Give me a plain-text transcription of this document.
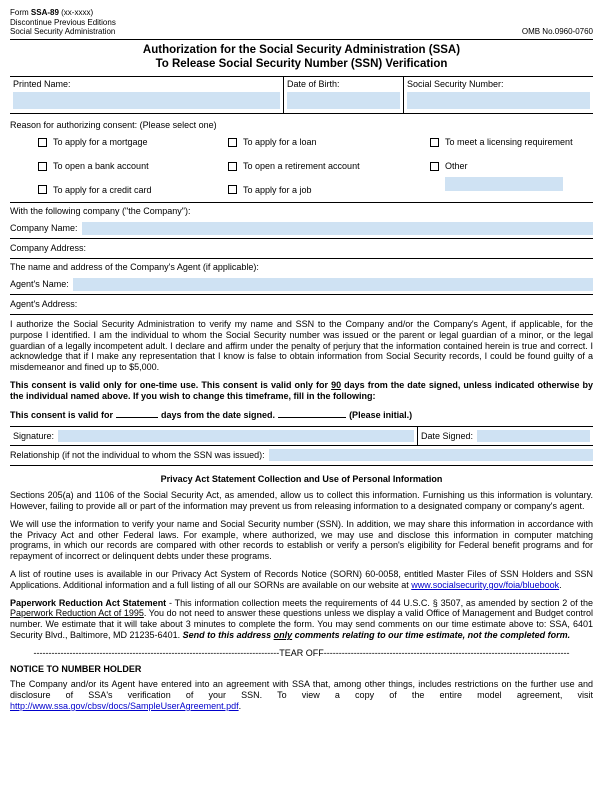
Form SSA-89 (xx-xxxx)
Discontinue Previous Editions
Social Security Administration	OMB No.0960-0760
Authorization for the Social Security Administration (SSA)
To Release Social Security Number (SSN) Verification
Printed Name:	Date of Birth:	Social Security Number:
Reason for authorizing consent: (Please select one)
To apply for a mortgage
To open a bank account
To apply for a credit card
To apply for a loan
To open a retirement account
To apply for a job
To meet a licensing requirement
Other
With the following company ("the Company"):
Company Name:
Company Address:
The name and address of the Company's Agent (if applicable):
Agent's Name:
Agent's Address:

I authorize the Social Security Administration to verify my name and SSN to the Company and/or the Company's Agent, if applicable, for the purpose I identified. I am the individual to whom the Social Security number was issued or the parent or legal guardian of a minor, or the legal guardian of a legally incompetent adult. I declare and affirm under the penalty of perjury that the information contained herein is true and correct. I acknowledge that if I make any representation that I know is false to obtain information from Social Security records, I could be found guilty of a misdemeanor and fined up to $5,000.

This consent is valid only for one-time use. This consent is valid only for 90 days from the date signed, unless indicated otherwise by the individual named above. If you wish to change this timeframe, fill in the following:

This consent is valid for	days from the date signed.	(Please initial.)

Signature:	Date Signed:
Relationship (if not the individual to whom the SSN was issued):
Privacy Act Statement Collection and Use of Personal Information

Sections 205(a) and 1106 of the Social Security Act, as amended, allow us to collect this information. Furnishing us this information is voluntary. However, failing to provide all or part of the information may prevent us from releasing information to a designated company or company's agent.

We will use the information to verify your name and Social Security number (SSN). In addition, we may share this information in accordance with the Privacy Act and other Federal laws. For example, where authorized, we may use and disclose this information in computer matching programs, in which our records are compared with other records to establish or verify a person's eligibility for Federal benefit programs and for repayment of incorrect or delinquent debts under these programs.

A list of routine uses is available in our Privacy Act System of Records Notice (SORN) 60-0058, entitled Master Files of SSN Holders and SSN Applications. Additional information and a full listing of all our SORNs are available on our website at www.socialsecurity.gov/foia/bluebook.

Paperwork Reduction Act Statement - This information collection meets the requirements of 44 U.S.C. § 3507, as amended by section 2 of the Paperwork Reduction Act of 1995. You do not need to answer these questions unless we display a valid Office of Management and Budget control number. We estimate that it will take about 3 minutes to complete the form. You may send comments on our time estimate above to: SSA, 6401 Security Blvd., Baltimore, MD 21235-6401. Send to this address only comments relating to our time estimate, not the completed form.

----------------------------------------------------------------------------------TEAR OFF----------------------------------------------------------------------------------
NOTICE TO NUMBER HOLDER

The Company and/or its Agent have entered into an agreement with SSA that, among other things, includes restrictions on the further use and disclosure of SSA's verification of your SSN. To view a copy of the entire model agreement, visit http://www.ssa.gov/cbsv/docs/SampleUserAgreement.pdf.
